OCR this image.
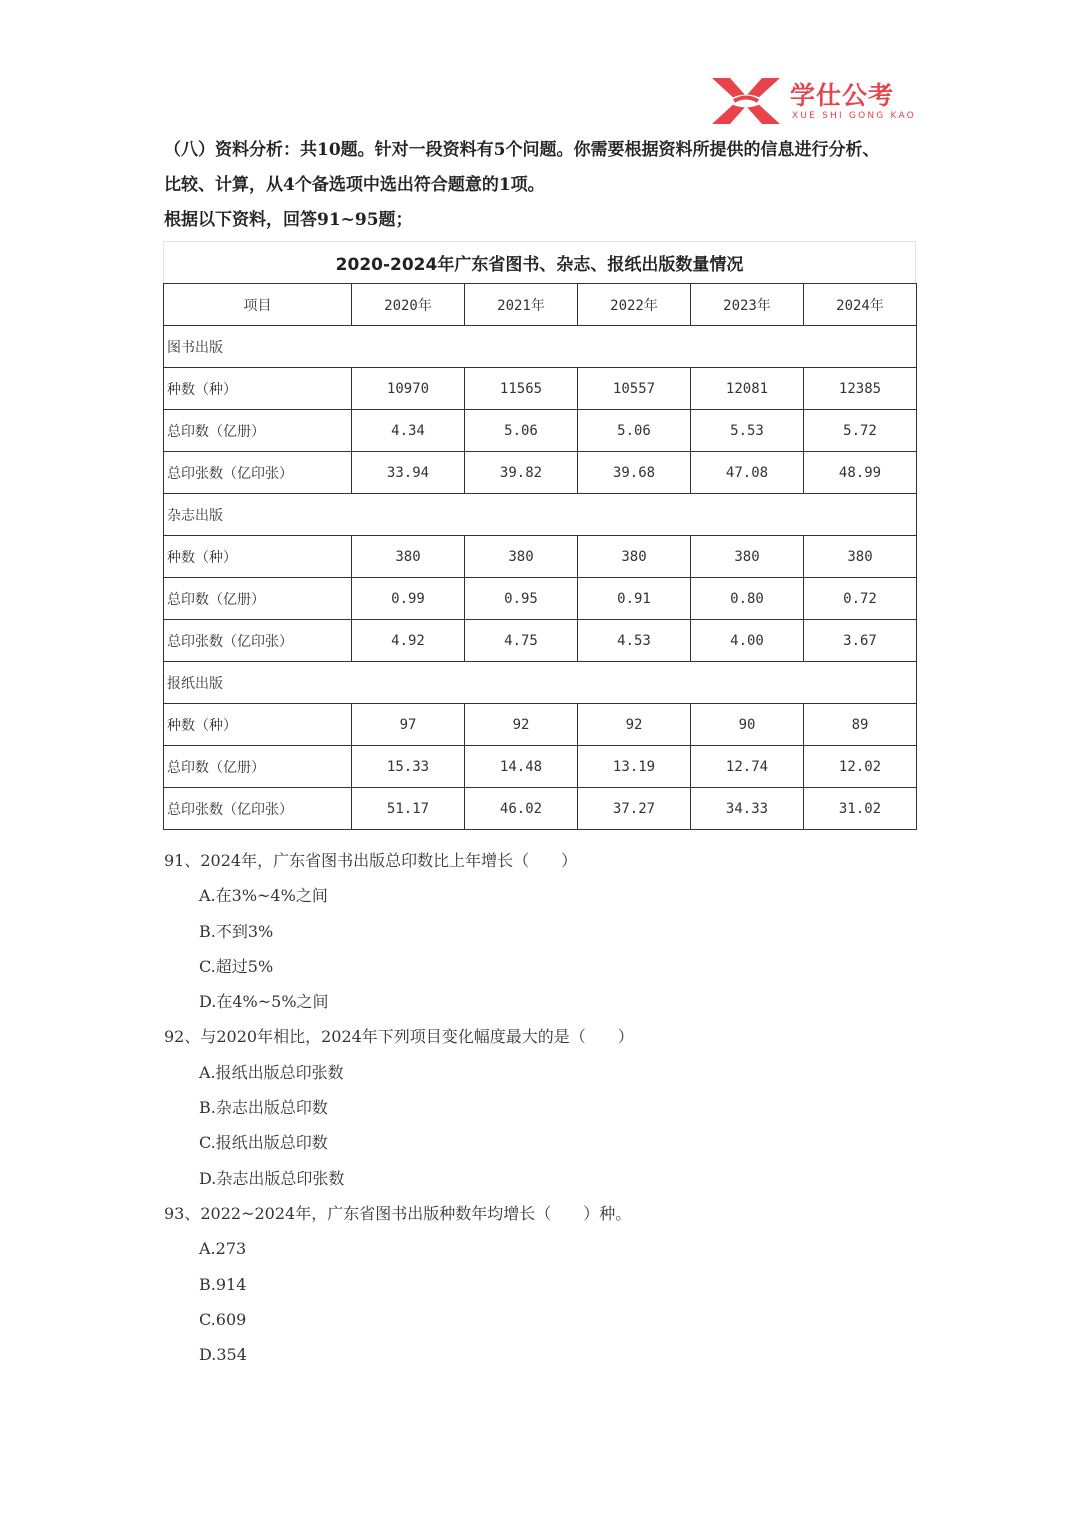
学仕公考
XUE SHI GONG KAO

（八）资料分析：共10题。针对一段资料有5个问题。你需要根据资料所提供的信息进行分析、

比较、计算，从4个备选项中选出符合题意的1项。

根据以下资料，回答91~95题；

2020-2024年广东省图书、杂志、报纸出版数量情况
项目	2020年	2021年	2022年	2023年	2024年
图书出版					
种数（种）	10970	11565	10557	12081	12385
总印数（亿册）	4.34	5.06	5.06	5.53	5.72
总印张数（亿印张）	33.94	39.82	39.68	47.08	48.99
杂志出版					
种数（种）	380	380	380	380	380
总印数（亿册）	0.99	0.95	0.91	0.80	0.72
总印张数（亿印张）	4.92	4.75	4.53	4.00	3.67
报纸出版					
种数（种）	97	92	92	90	89
总印数（亿册）	15.33	14.48	13.19	12.74	12.02
总印张数（亿印张）	51.17	46.02	37.27	34.33	31.02
91、2024年，广东省图书出版总印数比上年增长（　　）
A.在3%~4%之间
B.不到3%
C.超过5%
D.在4%~5%之间
92、与2020年相比，2024年下列项目变化幅度最大的是（　　）
A.报纸出版总印张数
B.杂志出版总印数
C.报纸出版总印数
D.杂志出版总印张数
93、2022~2024年，广东省图书出版种数年均增长（　　）种。
A.273
B.914
C.609
D.354
